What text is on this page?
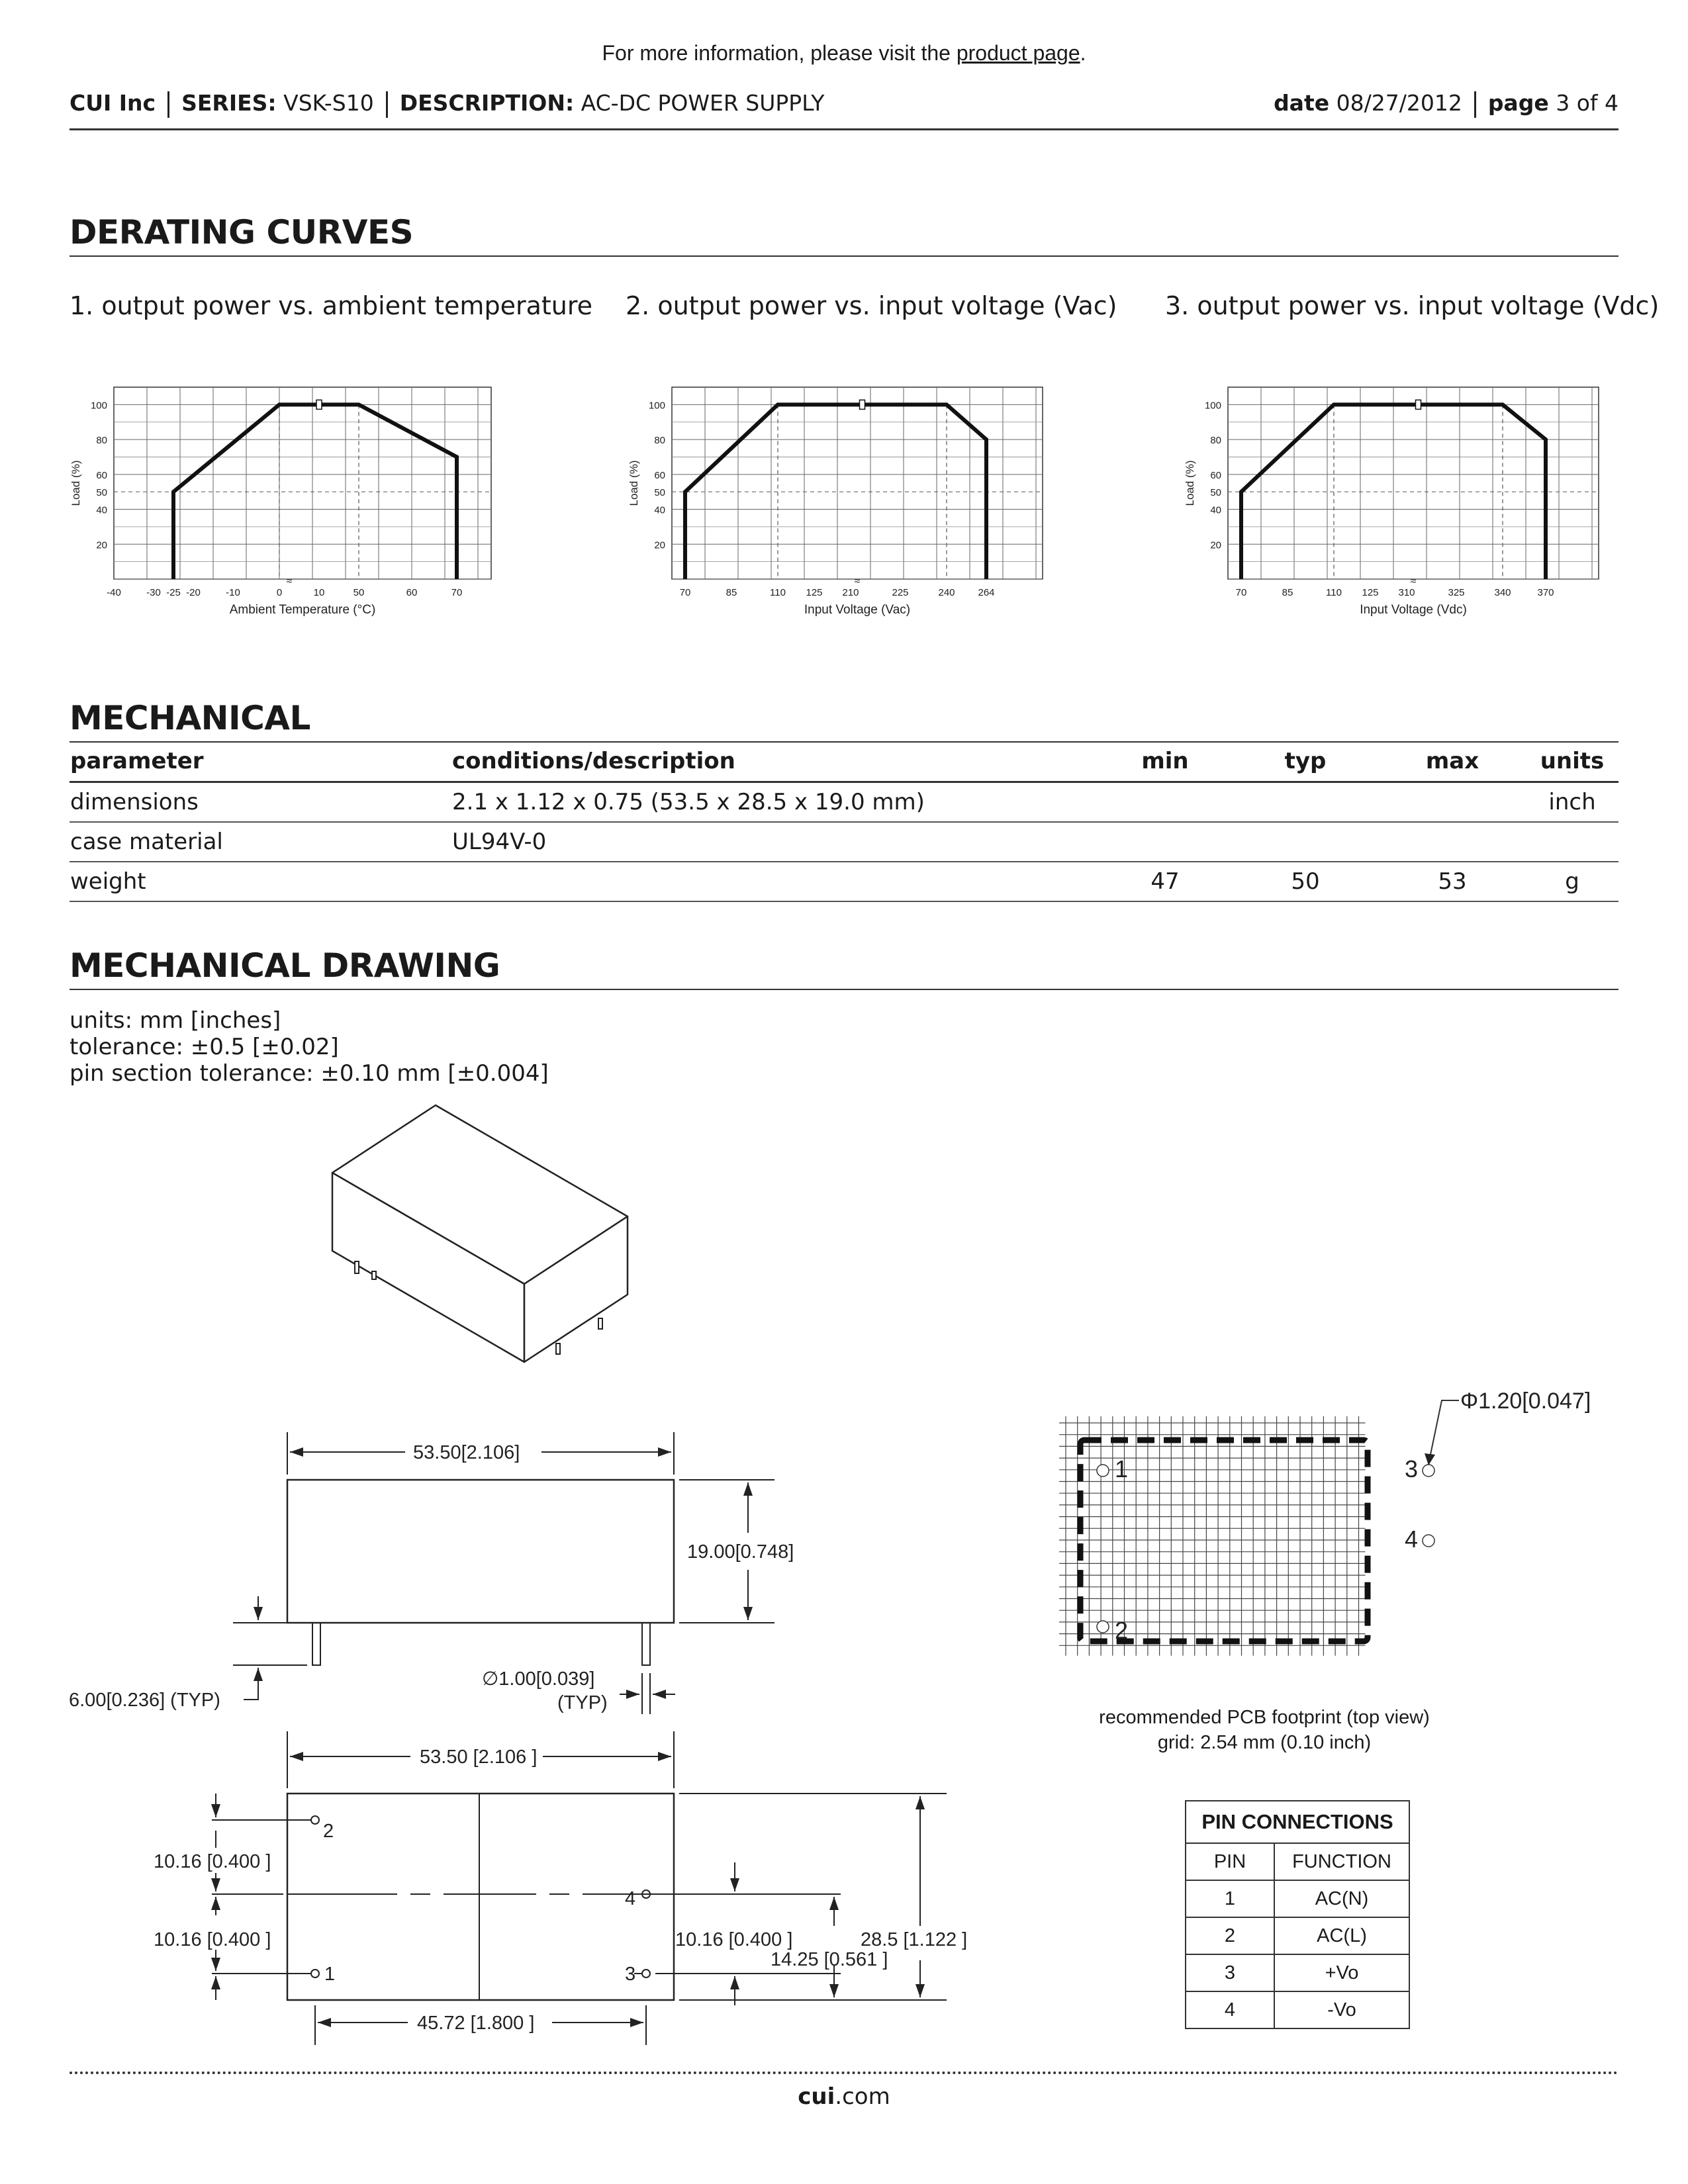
For more information, please visit the product page.
CUI Inc SERIES: VSK-S10 DESCRIPTION: AC-DC POWER SUPPLY	date 08/27/2012 page 3 of 4
DERATING CURVES
1. output power vs. ambient temperature 2. output power vs. input voltage (Vac) 3. output power vs. input voltage (Vdc)
100
80
60
50
40
20
Load (%)
-40	-30 -25 -20	-10	0	10	50	60	70
Ambient Temperature (°C)
≈
100
80
60
50
40
20
Load (%)
70	85	110 125 210	225	240 264
Input Voltage (Vac)
≈
100
80
60
50
40
20
Load (%)
70	85	110 125 310	325	340	370
Input Voltage (Vdc)
≈
MECHANICAL
parameter	conditions/description	min	typ	max	units
dimensions	2.1 x 1.12 x 0.75 (53.5 x 28.5 x 19.0 mm)				inch
case material	UL94V-0				
weight		47	50	53	g
MECHANICAL DRAWING
units: mm [inches]
tolerance: ±0.5 [±0.02]
pin section tolerance: ±0.10 mm [±0.004]
53.50[2.106]
19.00[0.748]
6.00[0.236] (TYP)
∅1.00[0.039]
(TYP)
53.50 [2.106 ]
10.16 [0.400 ]
10.16 [0.400 ]	10.16 [0.400 ]
14.25 [0.561 ]
28.5 [1.122 ]
45.72 [1.800 ]
2
1
4
3
1
2
3
4
Φ1.20[0.047]
recommended PCB footprint (top view)
grid: 2.54 mm (0.10 inch)
PIN CONNECTIONS	
PIN	FUNCTION
1	AC(N)
2	AC(L)
3	+Vo
4	-Vo
cui.com
